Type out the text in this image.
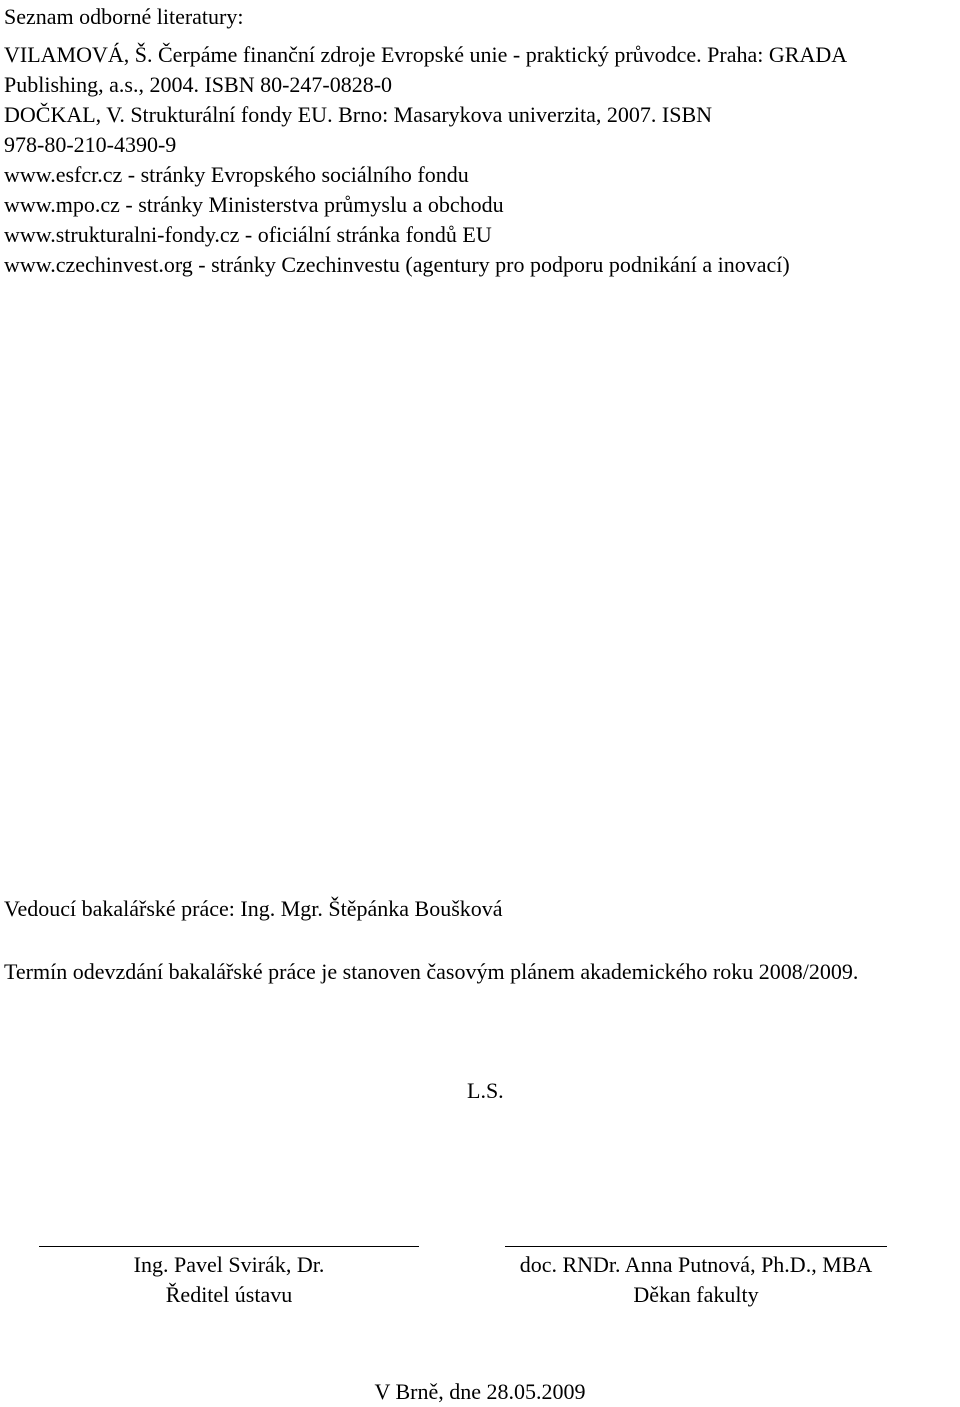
Seznam odborné literatury:
VILAMOVÁ, Š. Čerpáme finanční zdroje Evropské unie - praktický průvodce. Praha: GRADA
Publishing, a.s., 2004. ISBN 80-247-0828-0
DOČKAL, V. Strukturální fondy EU. Brno: Masarykova univerzita, 2007. ISBN
978-80-210-4390-9
www.esfcr.cz - stránky Evropského sociálního fondu
www.mpo.cz - stránky Ministerstva průmyslu a obchodu
www.strukturalni-fondy.cz - oficiální stránka fondů EU
www.czechinvest.org - stránky Czechinvestu (agentury pro podporu podnikání a inovací)
Vedoucí bakalářské práce: Ing. Mgr. Štěpánka Boušková
Termín odevzdání bakalářské práce je stanoven časovým plánem akademického roku 2008/2009.
L.S.
Ing. Pavel Svirák, Dr.
Ředitel ústavu
doc. RNDr. Anna Putnová, Ph.D., MBA
Děkan fakulty
V Brně, dne 28.05.2009
